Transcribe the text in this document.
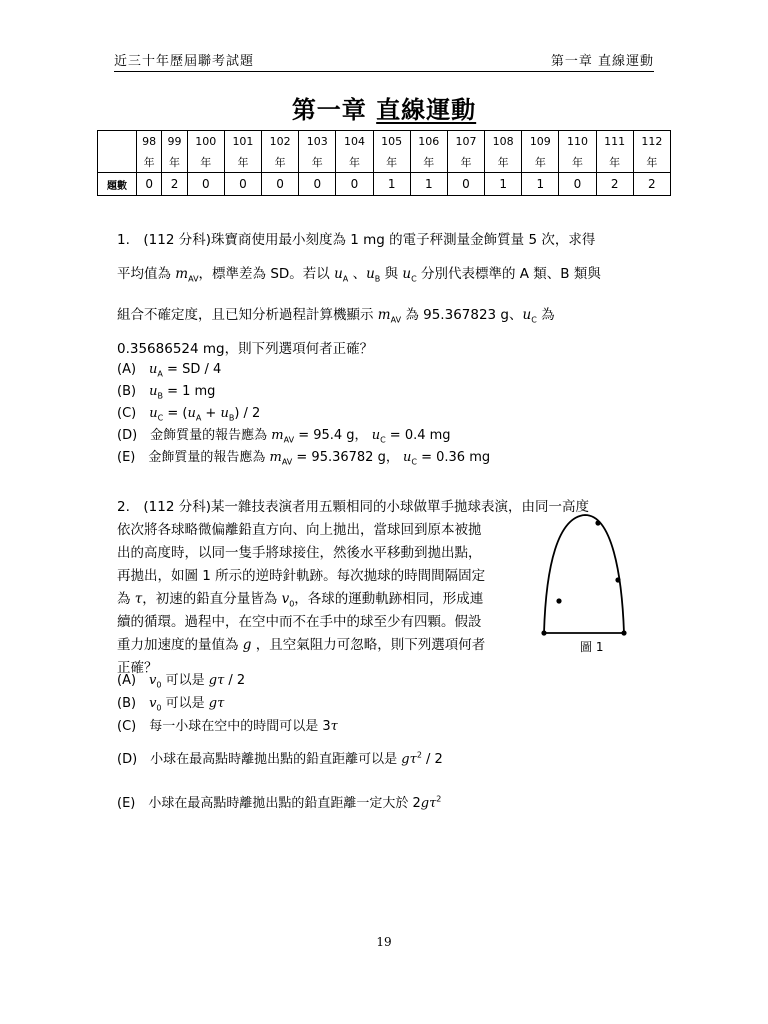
近三十年歷屆聯考試題	第一章 直線運動
第一章 直線運動
	98	99	100	101	102	103	104	105	106	107	108	109	110	111	112
	年	年	年	年	年	年	年	年	年	年	年	年	年	年	年
題數	0	2	0	0	0	0	0	1	1	0	1	1	0	2	2
1.　(112 分科)珠寶商使用最小刻度為 1 mg 的電子秤測量金飾質量 5 次，求得
平均值為 $m_{AV}$，標準差為 SD。若以 $u_A$ 、$u_B$ 與 $u_C$ 分別代表標準的 A 類、B 類與
組合不確定度，且已知分析過程計算機顯示 $m_{AV}$ 為 95.367823 g、$u_C$ 為
0.35686524 mg，則下列選項何者正確？
(A)　$u_A$ = SD / 4
(B)　$u_B = 1$ mg
(C)　$u_C = (u_A + u_B) / 2$
(D)　金飾質量的報告應為 $m_{AV} = 95.4$ g， $u_C = 0.4$ mg
(E)　金飾質量的報告應為 $m_{AV} = 95.36782$ g， $u_C = 0.36$ mg
2.　(112 分科)某一雜技表演者用五顆相同的小球做單手拋球表演，由同一高度
依次將各球略微偏離鉛直方向、向上拋出，當球回到原本被拋
出的高度時，以同一隻手將球接住，然後水平移動到拋出點，
再拋出，如圖 1 所示的逆時針軌跡。每次拋球的時間間隔固定
為 τ，初速的鉛直分量皆為 $v_0$，各球的運動軌跡相同，形成連
續的循環。過程中，在空中而不在手中的球至少有四顆。假設
重力加速度的量值為 g ，且空氣阻力可忽略，則下列選項何者
正確？
圖 1
(A)　$v_0$ 可以是 gτ / 2
(B)　$v_0$ 可以是 gτ
(C)　每一小球在空中的時間可以是 3τ
(D)　小球在最高點時離拋出點的鉛直距離可以是 $g\tau^2 / 2$
(E)　小球在最高點時離拋出點的鉛直距離一定大於 $2g\tau^2$
19
